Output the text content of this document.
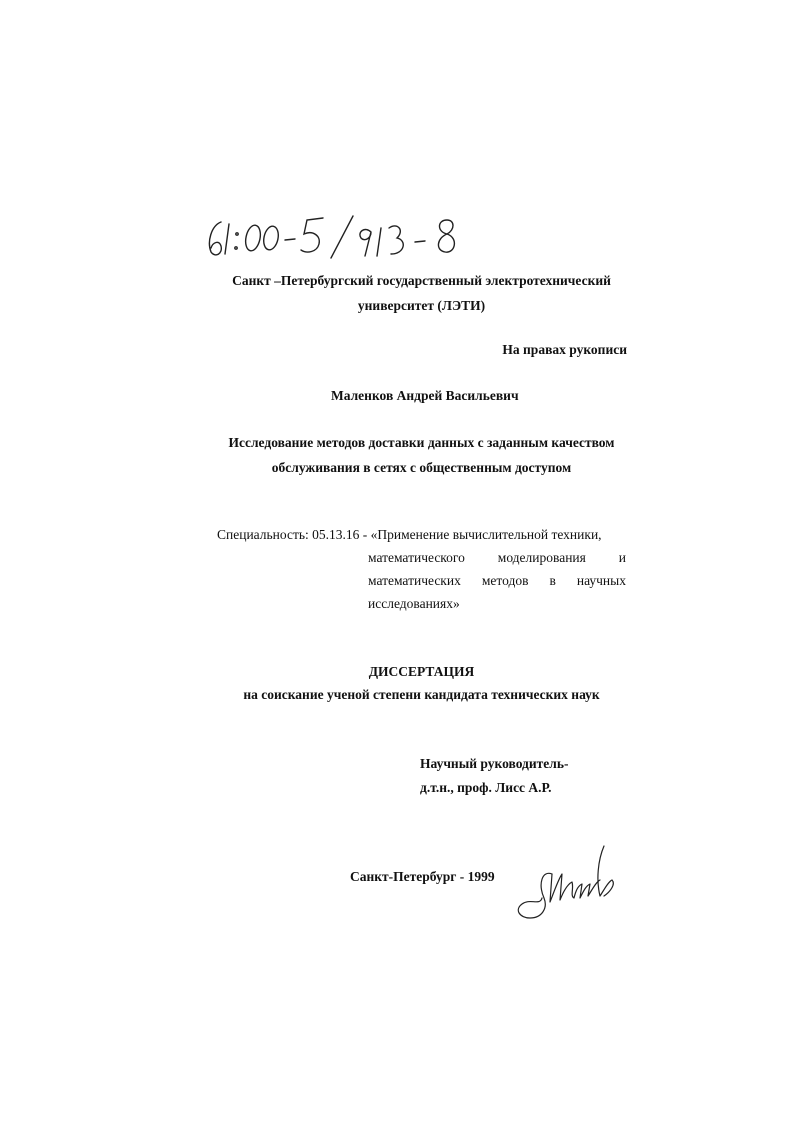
Санкт –Петербургский государственный электротехнический
университет (ЛЭТИ)
На правах рукописи
Маленков Андрей Васильевич
Исследование методов доставки данных с заданным качеством
обслуживания в сетях с общественным доступом
Специальность: 05.13.16 - «Применение вычислительной техники,
математического моделирования и
математических методов в научных
исследованиях»
ДИССЕРТАЦИЯ
на соискание ученой степени кандидата технических наук
Научный руководитель-
д.т.н., проф. Лисс А.Р.
Санкт-Петербург - 1999
